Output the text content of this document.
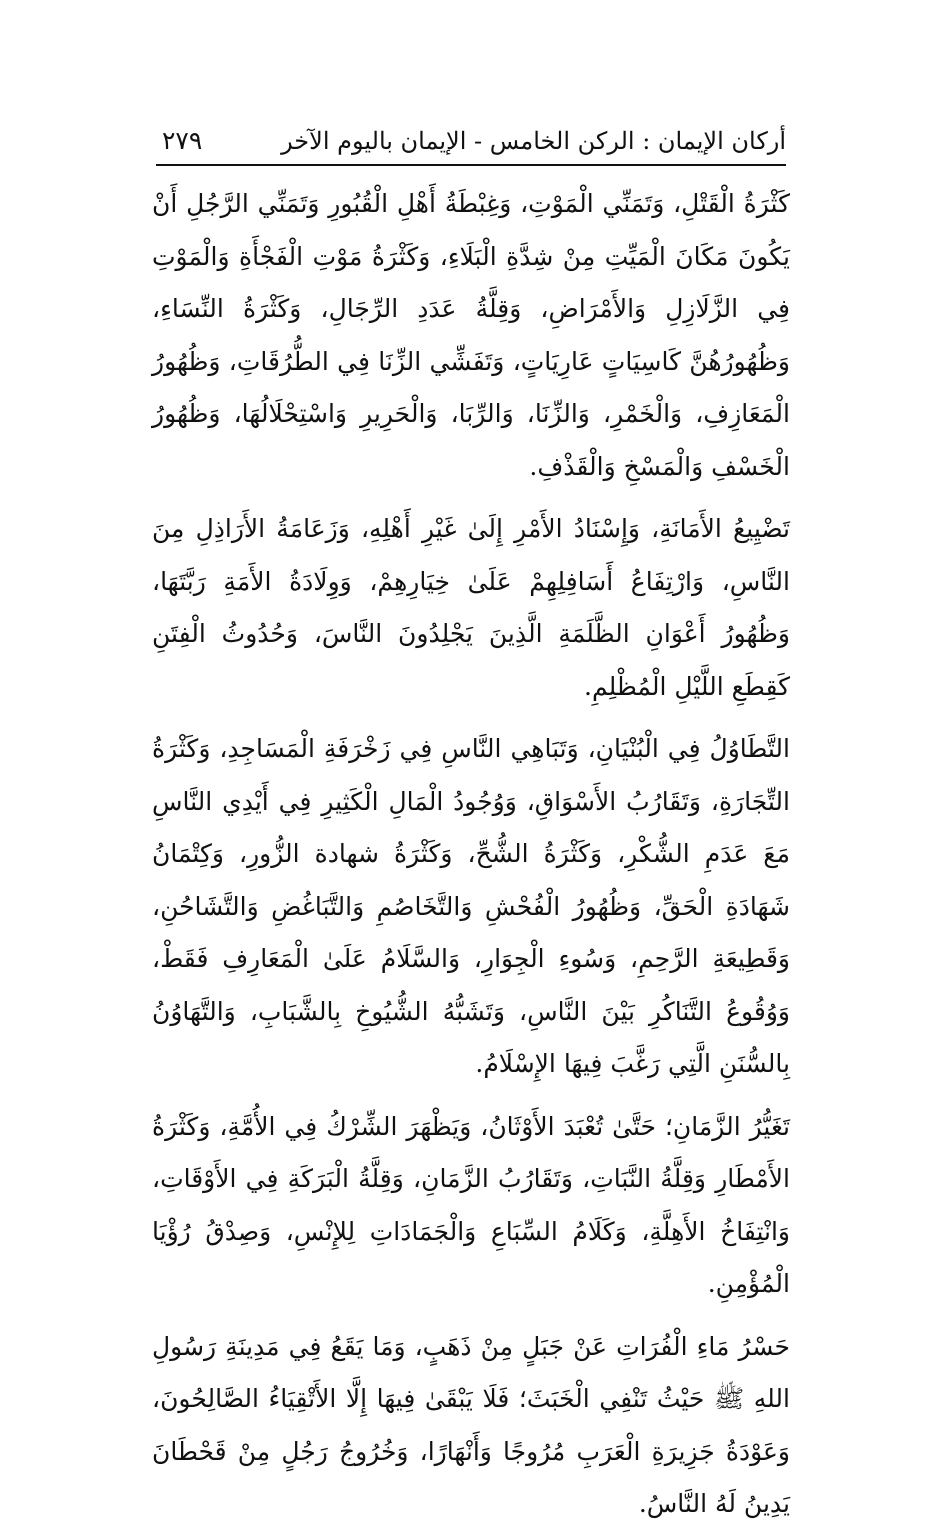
أركان الإيمان : الركن الخامس - الإيمان باليوم الآخر
٢٧٩

كَثْرَةُ الْقَتْلِ، وَتَمَنِّي الْمَوْتِ، وَغِبْطَةُ أَهْلِ الْقُبُورِ وَتَمَنِّي الرَّجُلِ أَنْ يَكُونَ مَكَانَ الْمَيِّتِ مِنْ شِدَّةِ الْبَلَاءِ، وَكَثْرَةُ مَوْتِ الْفَجْأَةِ وَالْمَوْتِ فِي الزَّلَازِلِ وَالأَمْرَاضِ، وَقِلَّةُ عَدَدِ الرِّجَالِ، وَكَثْرَةُ النِّسَاءِ، وَظُهُورُهُنَّ كَاسِيَاتٍ عَارِيَاتٍ، وَتَفَشِّي الزِّنَا فِي الطُّرُقَاتِ، وَظُهُورُ الْمَعَازِفِ، وَالْخَمْرِ، وَالزِّنَا، وَالرِّبَا، وَالْحَرِيرِ وَاسْتِحْلَالُهَا، وَظُهُورُ الْخَسْفِ وَالْمَسْخِ وَالْقَذْفِ.

تَضْيِيعُ الأَمَانَةِ، وَإِسْنَادُ الأَمْرِ إِلَىٰ غَيْرِ أَهْلِهِ، وَزَعَامَةُ الأَرَاذِلِ مِنَ النَّاسِ، وَارْتِفَاعُ أَسَافِلِهِمْ عَلَىٰ خِيَارِهِمْ، وَوِلَادَةُ الأَمَةِ رَبَّتَهَا، وَظُهُورُ أَعْوَانِ الظَّلَمَةِ الَّذِينَ يَجْلِدُونَ النَّاسَ، وَحُدُوثُ الْفِتَنِ كَقِطَعِ اللَّيْلِ الْمُظْلِمِ.

التَّطَاوُلُ فِي الْبُنْيَانِ، وَتَبَاهِي النَّاسِ فِي زَخْرَفَةِ الْمَسَاجِدِ، وَكَثْرَةُ التِّجَارَةِ، وَتَقَارُبُ الأَسْوَاقِ، وَوُجُودُ الْمَالِ الْكَثِيرِ فِي أَيْدِي النَّاسِ مَعَ عَدَمِ الشُّكْرِ، وَكَثْرَةُ الشُّحِّ، وَكَثْرَةُ شهادة الزُّورِ، وَكِتْمَانُ شَهَادَةِ الْحَقِّ، وَظُهُورُ الْفُحْشِ وَالتَّخَاصُمِ وَالتَّبَاغُضِ وَالتَّشَاحُنِ، وَقَطِيعَةِ الرَّحِمِ، وَسُوءِ الْجِوَارِ، وَالسَّلَامُ عَلَىٰ الْمَعَارِفِ فَقَطْ، وَوُقُوعُ التَّنَاكُرِ بَيْنَ النَّاسِ، وَتَشَبُّهُ الشُّيُوخِ بِالشَّبَابِ، وَالتَّهَاوُنُ بِالسُّنَنِ الَّتِي رَغَّبَ فِيهَا الإِسْلَامُ.

تَغَيُّرُ الزَّمَانِ؛ حَتَّىٰ تُعْبَدَ الأَوْثَانُ، وَيَظْهَرَ الشِّرْكُ فِي الأُمَّةِ، وَكَثْرَةُ الأَمْطَارِ وَقِلَّةُ النَّبَاتِ، وَتَقَارُبُ الزَّمَانِ، وَقِلَّةُ الْبَرَكَةِ فِي الأَوْقَاتِ، وَانْتِفَاخُ الأَهِلَّةِ، وَكَلَامُ السِّبَاعِ وَالْجَمَادَاتِ لِلإِنْسِ، وَصِدْقُ رُؤْيَا الْمُؤْمِنِ.

حَسْرُ مَاءِ الْفُرَاتِ عَنْ جَبَلٍ مِنْ ذَهَبٍ، وَمَا يَقَعُ فِي مَدِينَةِ رَسُولِ اللهِ ﷺ حَيْثُ تَنْفِي الْخَبَثَ؛ فَلَا يَبْقَىٰ فِيهَا إِلَّا الأَتْقِيَاءُ الصَّالِحُونَ، وَعَوْدَةُ جَزِيرَةِ الْعَرَبِ مُرُوجًا وَأَنْهَارًا، وَخُرُوجُ رَجُلٍ مِنْ قَحْطَانَ يَدِينُ لَهُ النَّاسُ.
